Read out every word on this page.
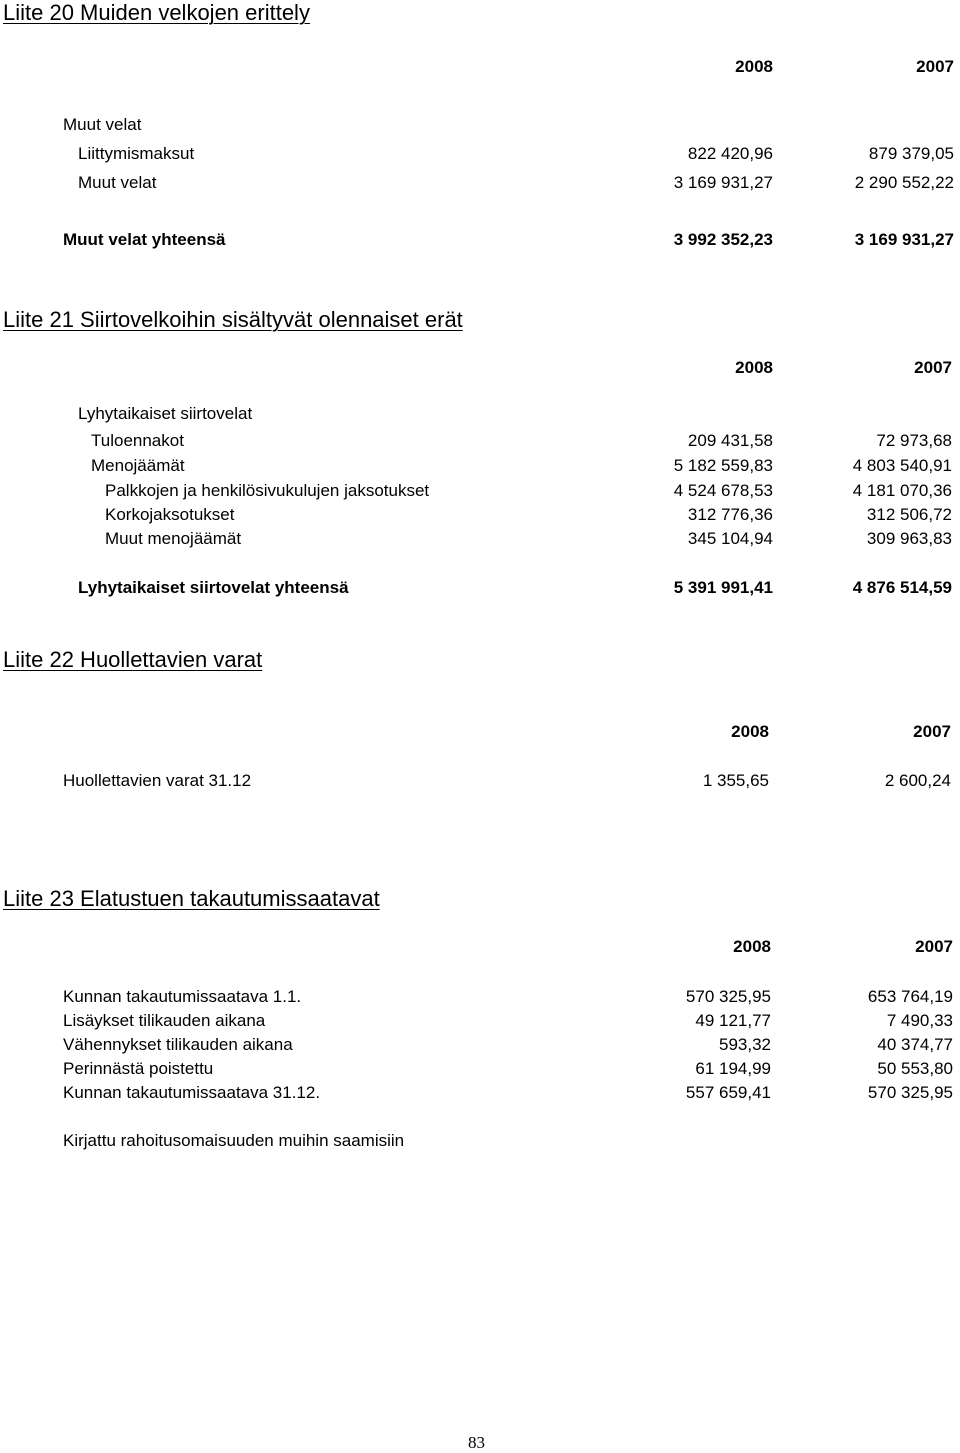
Liite 20 Muiden velkojen erittely
2008	2007
Muut velat
Liittymismaksut	822 420,96	879 379,05
Muut velat	3 169 931,27	2 290 552,22
Muut velat yhteensä	3 992 352,23	3 169 931,27
Liite 21 Siirtovelkoihin sisältyvät olennaiset erät
2008	2007
Lyhytaikaiset siirtovelat
Tuloennakot	209 431,58	72 973,68
Menojäämät	5 182 559,83	4 803 540,91
Palkkojen ja henkilösivukulujen jaksotukset	4 524 678,53	4 181 070,36
Korkojaksotukset	312 776,36	312 506,72
Muut menojäämät	345 104,94	309 963,83
Lyhytaikaiset siirtovelat yhteensä	5 391 991,41	4 876 514,59
Liite 22 Huollettavien varat
2008	2007
Huollettavien varat 31.12	1 355,65	2 600,24
Liite 23 Elatustuen takautumissaatavat
2008	2007
Kunnan takautumissaatava 1.1.	570 325,95	653 764,19
Lisäykset tilikauden aikana	49 121,77	7 490,33
Vähennykset tilikauden aikana	593,32	40 374,77
Perinnästä poistettu	61 194,99	50 553,80
Kunnan takautumissaatava 31.12.	557 659,41	570 325,95
Kirjattu rahoitusomaisuuden muihin saamisiin
83
